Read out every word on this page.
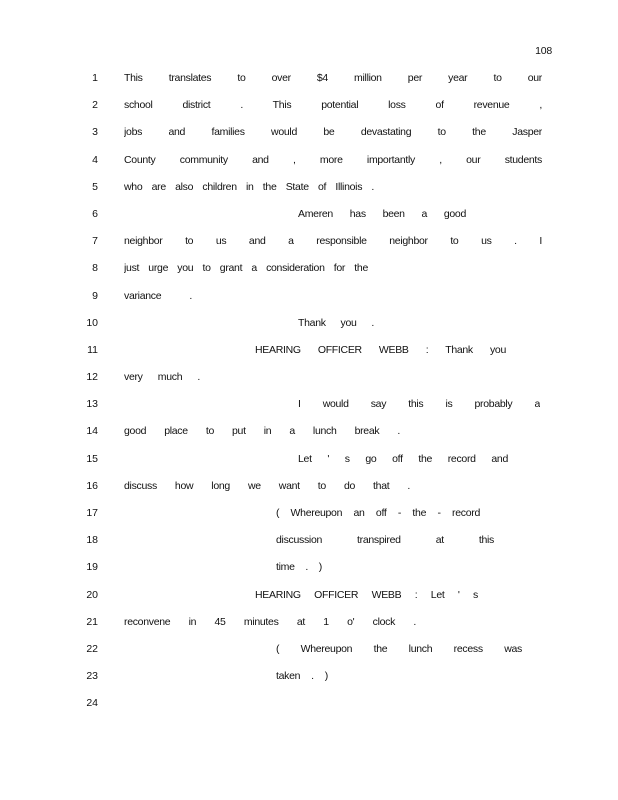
108
1 This translates to over $4 million per year to our
2 school district . This potential loss of revenue ,
3 jobs and families would be devastating to the Jasper
4 County community and , more importantly , our students
5 who are also children in the State of Illinois .
6	Ameren has been a good
7 neighbor to us and a responsible neighbor to us . I
8 just urge you to grant a consideration for the
9 variance .
10	Thank you .
11	HEARING OFFICER WEBB : Thank you
12 very much .
13	I would say this is probably a
14 good place to put in a lunch break .
15	Let ' s go off the record and
16 discuss how long we want to do that .
17	( Whereupon an off - the - record
18	discussion transpired at this
19	time . )
20	HEARING OFFICER WEBB : Let ' s
21 reconvene in 45 minutes at 1 o' clock .
22	( Whereupon the lunch recess was
23	taken . )
24
